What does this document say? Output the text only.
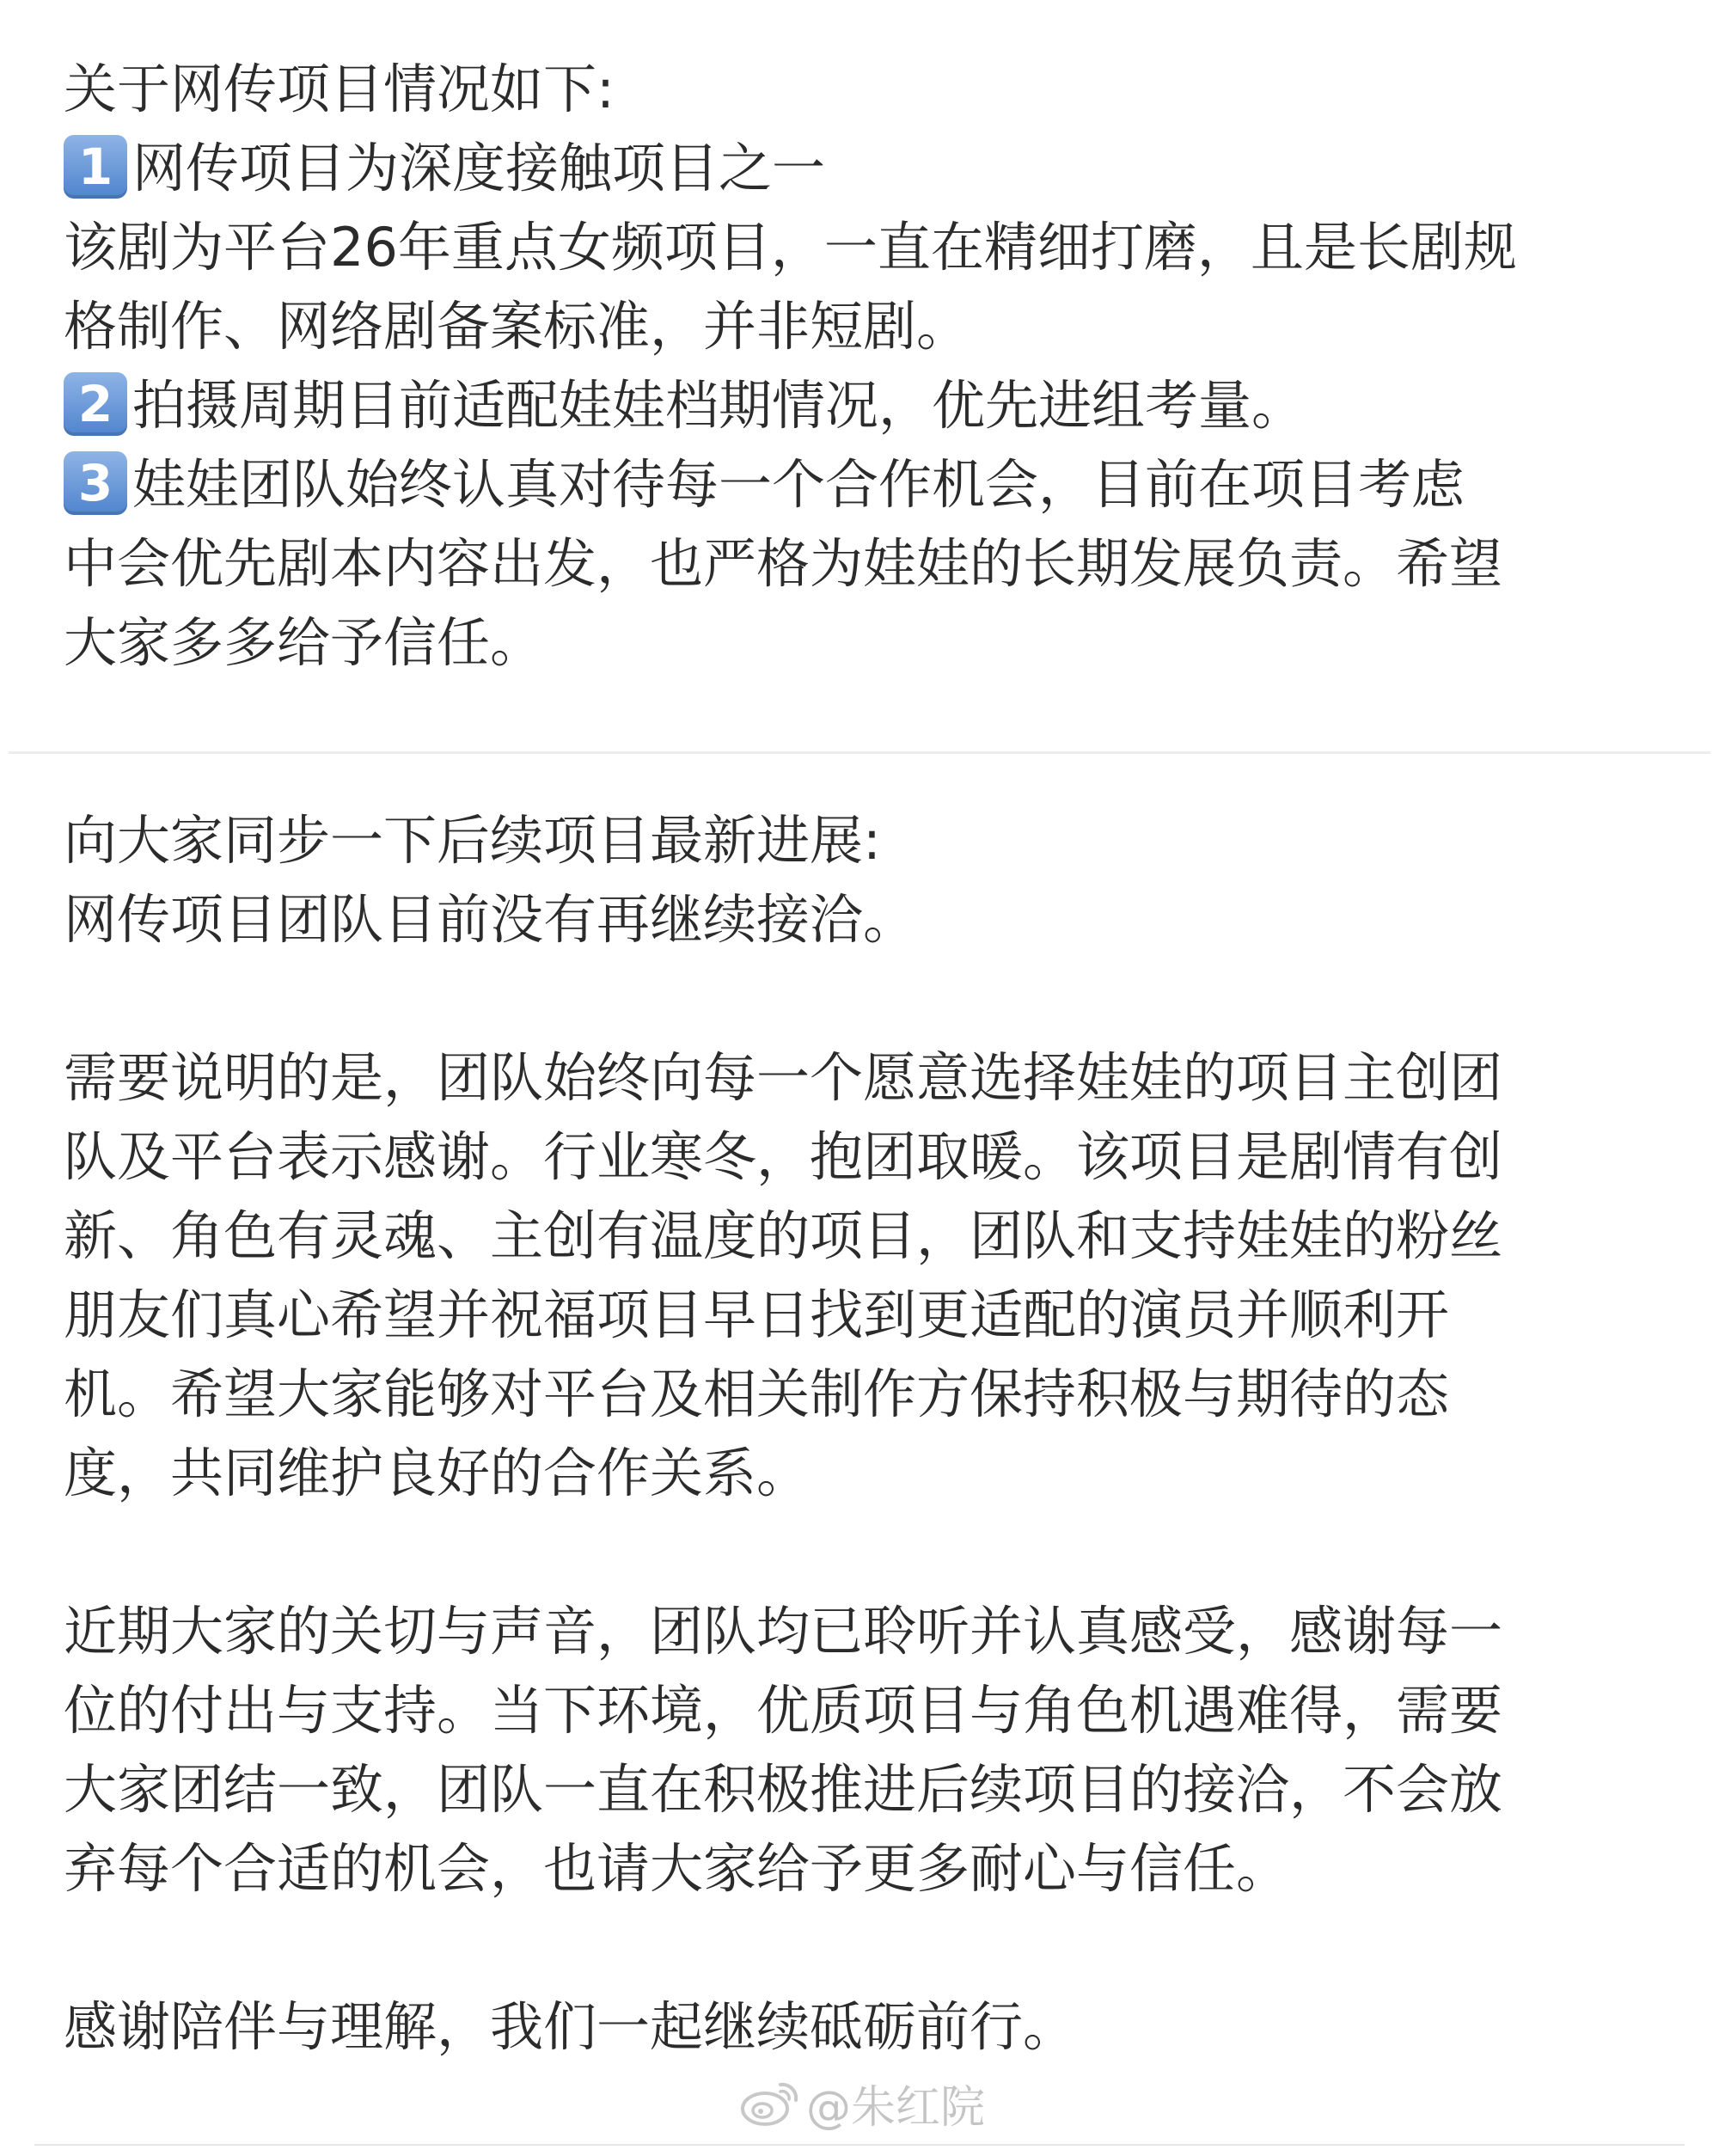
关于网传项目情况如下:
1 网传项目为深度接触项目之一
该剧为平台26年重点女频项目，一直在精细打磨，且是长剧规
格制作、网络剧备案标准，并非短剧。
2 拍摄周期目前适配娃娃档期情况，优先进组考量。
3 娃娃团队始终认真对待每一个合作机会，目前在项目考虑
中会优先剧本内容出发，也严格为娃娃的长期发展负责。希望
大家多多给予信任。
向大家同步一下后续项目最新进展:
网传项目团队目前没有再继续接洽。
需要说明的是，团队始终向每一个愿意选择娃娃的项目主创团
队及平台表示感谢。行业寒冬，抱团取暖。该项目是剧情有创
新、角色有灵魂、主创有温度的项目，团队和支持娃娃的粉丝
朋友们真心希望并祝福项目早日找到更适配的演员并顺利开
机。希望大家能够对平台及相关制作方保持积极与期待的态
度，共同维护良好的合作关系。
近期大家的关切与声音，团队均已聆听并认真感受，感谢每一
位的付出与支持。当下环境，优质项目与角色机遇难得，需要
大家团结一致，团队一直在积极推进后续项目的接洽，不会放
弃每个合适的机会，也请大家给予更多耐心与信任。
感谢陪伴与理解，我们一起继续砥砺前行。
@朱红院
